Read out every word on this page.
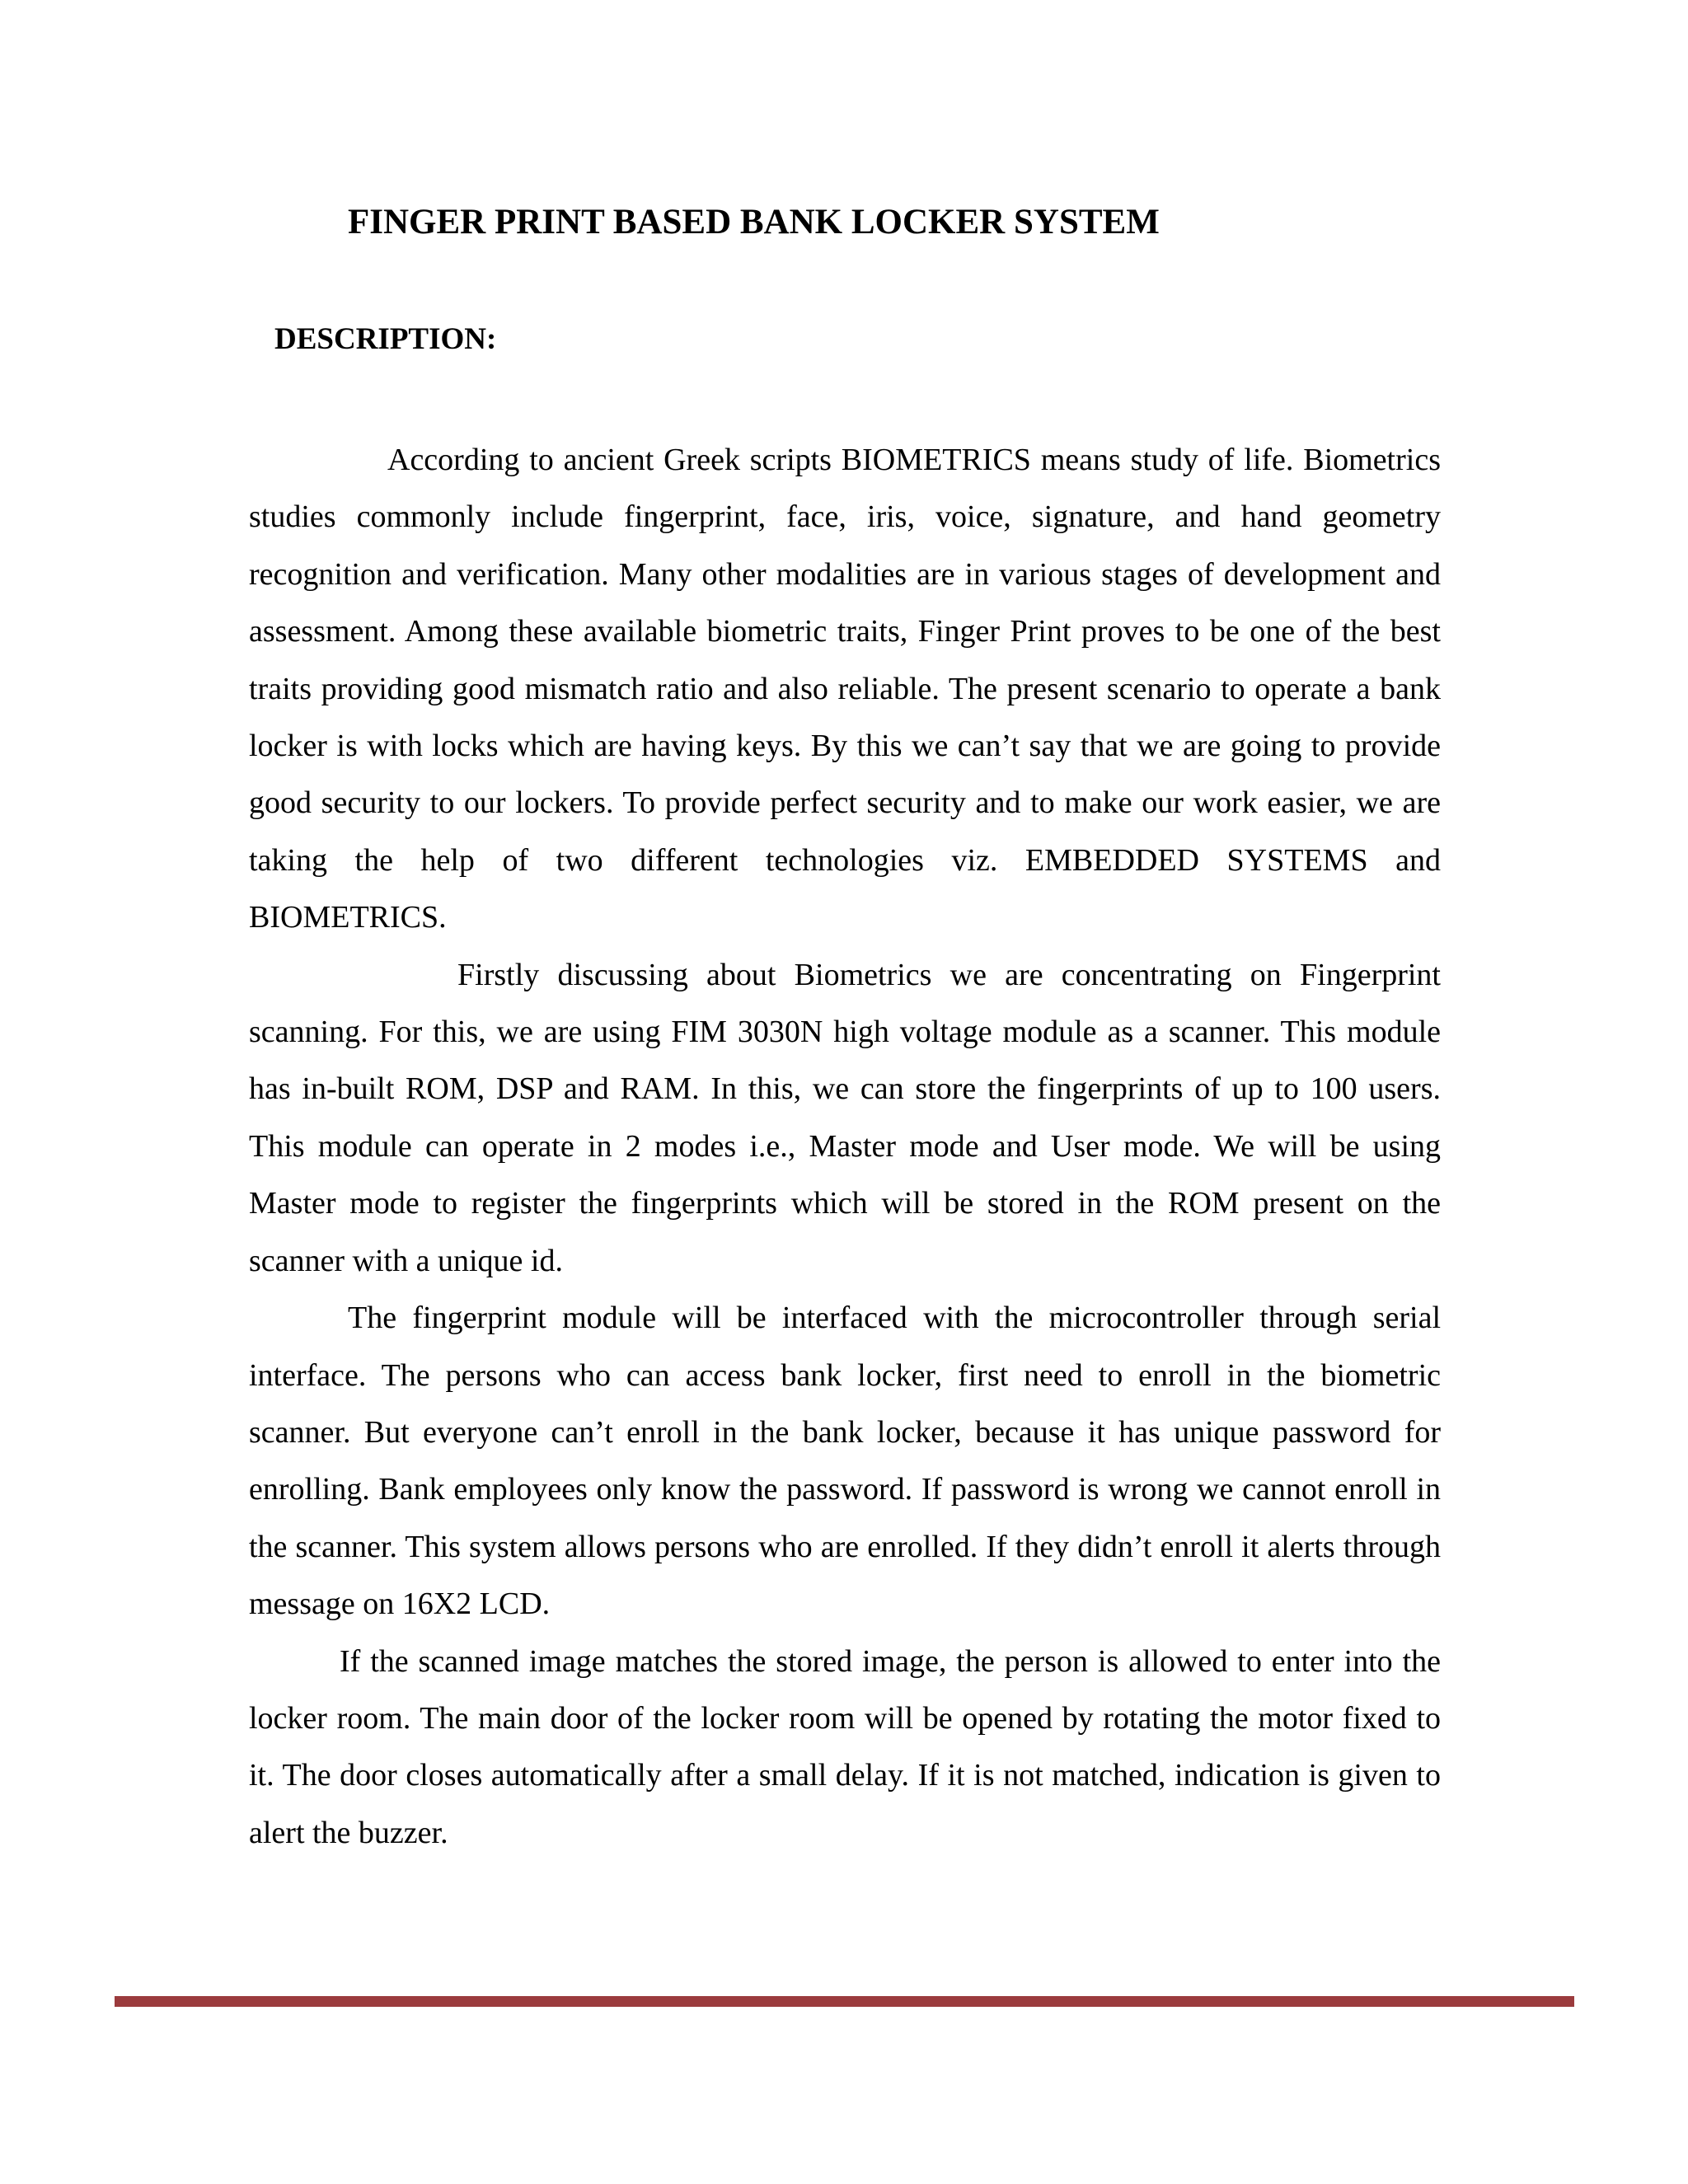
FINGER PRINT BASED BANK LOCKER SYSTEM
DESCRIPTION:

According to ancient Greek scripts BIOMETRICS means study of life. Biometrics studies commonly include fingerprint, face, iris, voice, signature, and hand geometry recognition and verification. Many other modalities are in various stages of development and assessment. Among these available biometric traits, Finger Print proves to be one of the best traits providing good mismatch ratio and also reliable. The present scenario to operate a bank locker is with locks which are having keys. By this we can’t say that we are going to provide good security to our lockers. To provide perfect security and to make our work easier, we are taking the help of two different technologies viz. EMBEDDED SYSTEMS and BIOMETRICS.

Firstly discussing about Biometrics we are concentrating on Fingerprint scanning. For this, we are using FIM 3030N high voltage module as a scanner. This module has in-built ROM, DSP and RAM. In this, we can store the fingerprints of up to 100 users. This module can operate in 2 modes i.e., Master mode and User mode. We will be using Master mode to register the fingerprints which will be stored in the ROM present on the scanner with a unique id.

The fingerprint module will be interfaced with the microcontroller through serial interface. The persons who can access bank locker, first need to enroll in the biometric scanner. But everyone can’t enroll in the bank locker, because it has unique password for enrolling. Bank employees only know the password. If password is wrong we cannot enroll in the scanner. This system allows persons who are enrolled. If they didn’t enroll it alerts through message on 16X2 LCD.

If the scanned image matches the stored image, the person is allowed to enter into the locker room. The main door of the locker room will be opened by rotating the motor fixed to it. The door closes automatically after a small delay. If it is not matched, indication is given to alert the buzzer.
